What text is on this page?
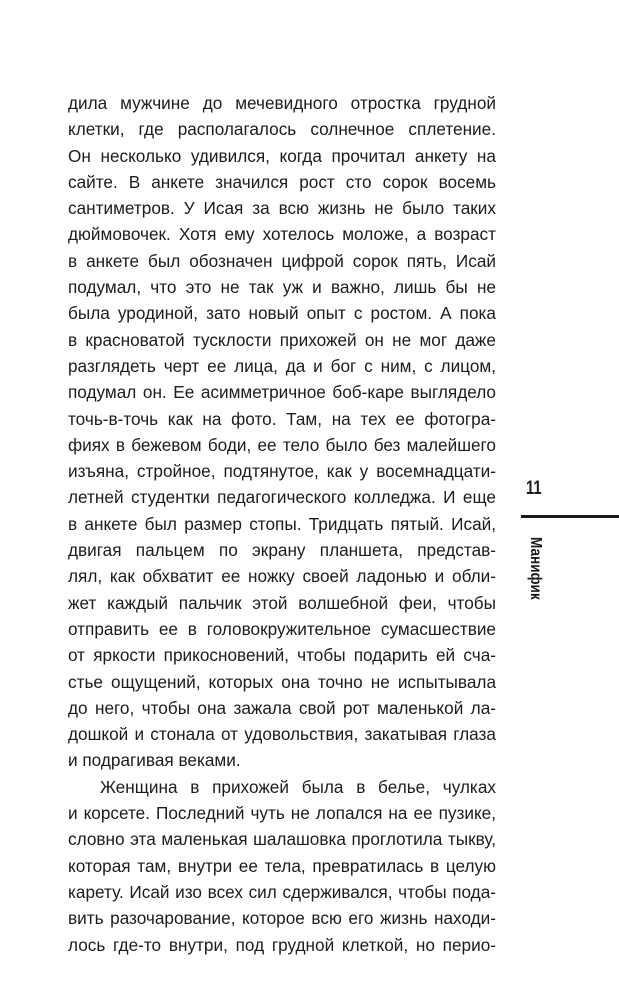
дила мужчине до мечевидного отростка грудной
клетки, где располагалось солнечное сплетение.
Он несколько удивился, когда прочитал анкету на
сайте. В анкете значился рост сто сорок восемь
сантиметров. У Исая за всю жизнь не было таких
дюймовочек. Хотя ему хотелось моложе, а возраст
в анкете был обозначен цифрой сорок пять, Исай
подумал, что это не так уж и важно, лишь бы не
была уродиной, зато новый опыт с ростом. А пока
в красноватой тусклости прихожей он не мог даже
разглядеть черт ее лица, да и бог с ним, с лицом,
подумал он. Ее асимметричное боб-каре выглядело
точь-в-точь как на фото. Там, на тех ее фотогра-
фиях в бежевом боди, ее тело было без малейшего
изъяна, стройное, подтянутое, как у восемнадцати-
летней студентки педагогического колледжа. И еще
в анкете был размер стопы. Тридцать пятый. Исай,
двигая пальцем по экрану планшета, представ-
лял, как обхватит ее ножку своей ладонью и обли-
жет каждый пальчик этой волшебной феи, чтобы
отправить ее в головокружительное сумасшествие
от яркости прикосновений, чтобы подарить ей сча-
стье ощущений, которых она точно не испытывала
до него, чтобы она зажала свой рот маленькой ла-
дошкой и стонала от удовольствия, закатывая глаза
и подрагивая веками.
Женщина в прихожей была в белье, чулках
и корсете. Последний чуть не лопался на ее пузике,
словно эта маленькая шалашовка проглотила тыкву,
которая там, внутри ее тела, превратилась в целую
карету. Исай изо всех сил сдерживался, чтобы пода-
вить разочарование, которое всю его жизнь находи-
лось где-то внутри, под грудной клеткой, но перио-
11
Манифик
